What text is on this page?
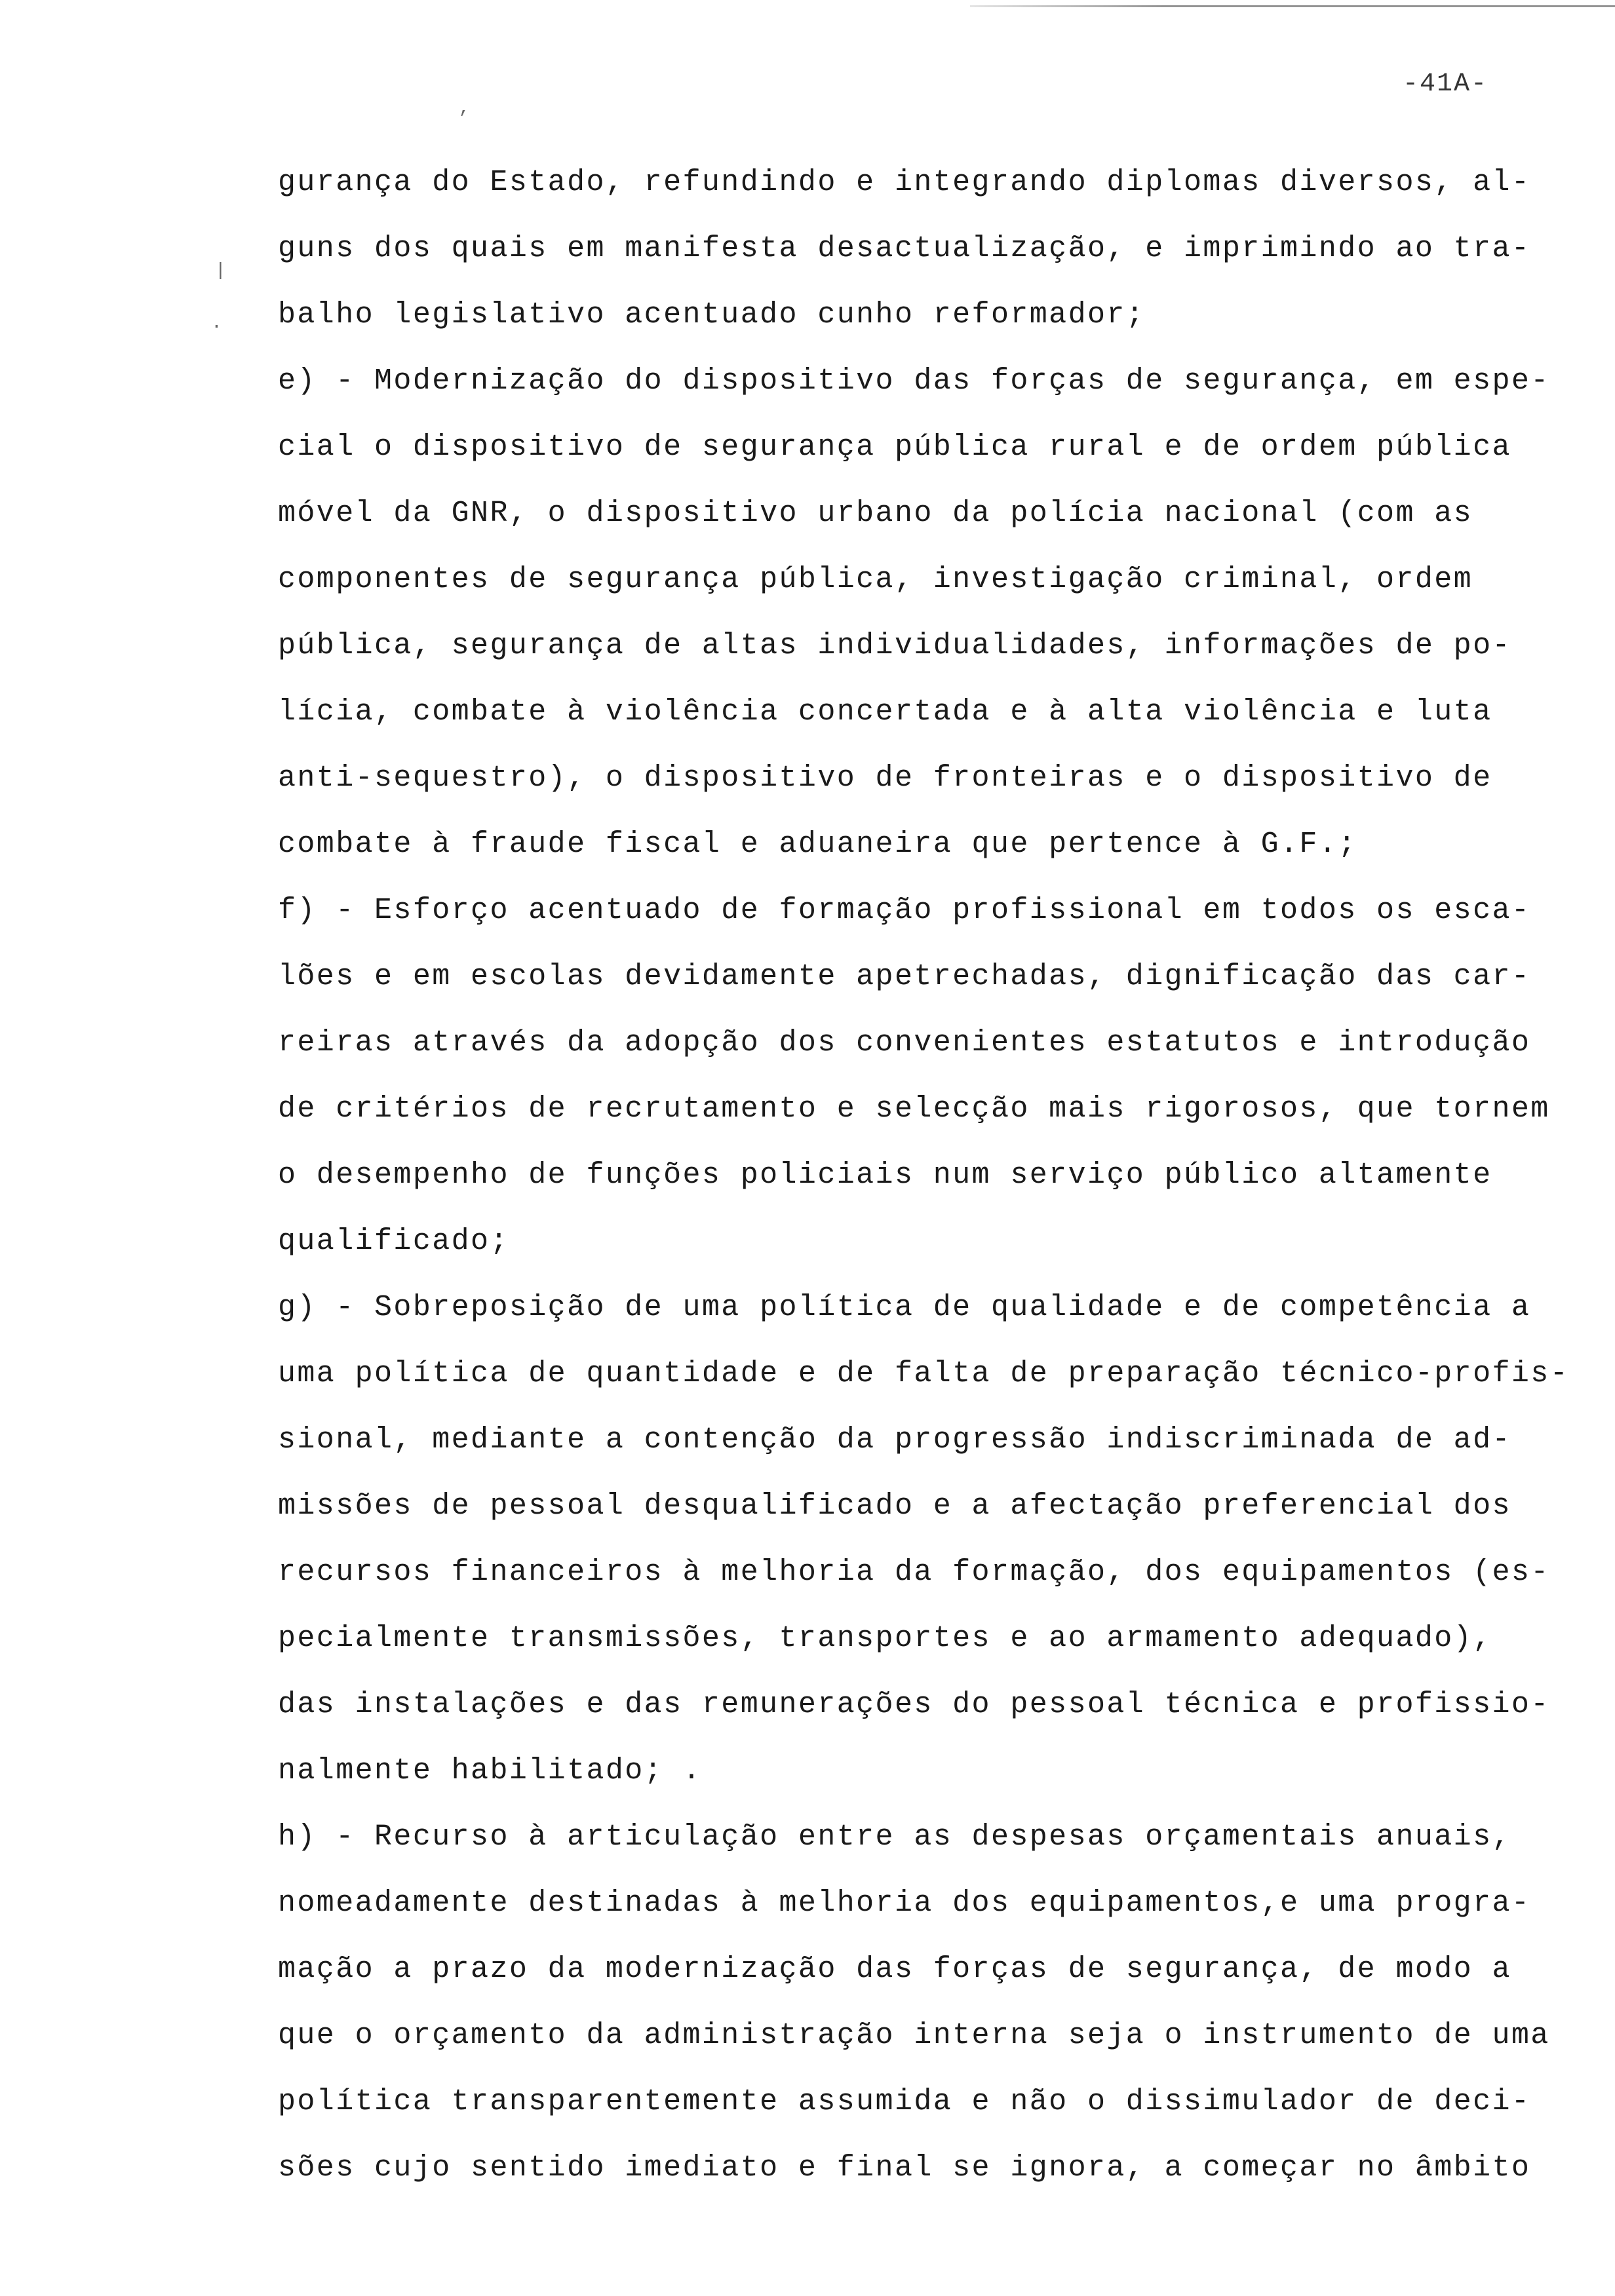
-41A-
,
|
.
gurança do Estado, refundindo e integrando diplomas diversos, al-
guns dos quais em manifesta desactualização, e imprimindo ao tra-
balho legislativo acentuado cunho reformador;
e) - Modernização do dispositivo das forças de segurança, em espe-
cial o dispositivo de segurança pública rural e de ordem pública
móvel da GNR, o dispositivo urbano da polícia nacional (com as
componentes de segurança pública, investigação criminal, ordem
pública, segurança de altas individualidades, informações de po-
lícia, combate à violência concertada e à alta violência e luta
anti-sequestro), o dispositivo de fronteiras e o dispositivo de
combate à fraude fiscal e aduaneira que pertence à G.F.;
f) - Esforço acentuado de formação profissional em todos os esca-
lões e em escolas devidamente apetrechadas, dignificação das car-
reiras através da adopção dos convenientes estatutos e introdução
de critérios de recrutamento e selecção mais rigorosos, que tornem
o desempenho de funções policiais num serviço público altamente
qualificado;
g) - Sobreposição de uma política de qualidade e de competência a
uma política de quantidade e de falta de preparação técnico-profis-
sional, mediante a contenção da progressão indiscriminada de ad-
missões de pessoal desqualificado e a afectação preferencial dos
recursos financeiros à melhoria da formação, dos equipamentos (es-
pecialmente transmissões, transportes e ao armamento adequado),
das instalações e das remunerações do pessoal técnica e profissio-
nalmente habilitado; .
h) - Recurso à articulação entre as despesas orçamentais anuais,
nomeadamente destinadas à melhoria dos equipamentos,e uma progra-
mação a prazo da modernização das forças de segurança, de modo a
que o orçamento da administração interna seja o instrumento de uma
política transparentemente assumida e não o dissimulador de deci-
sões cujo sentido imediato e final se ignora, a começar no âmbito
